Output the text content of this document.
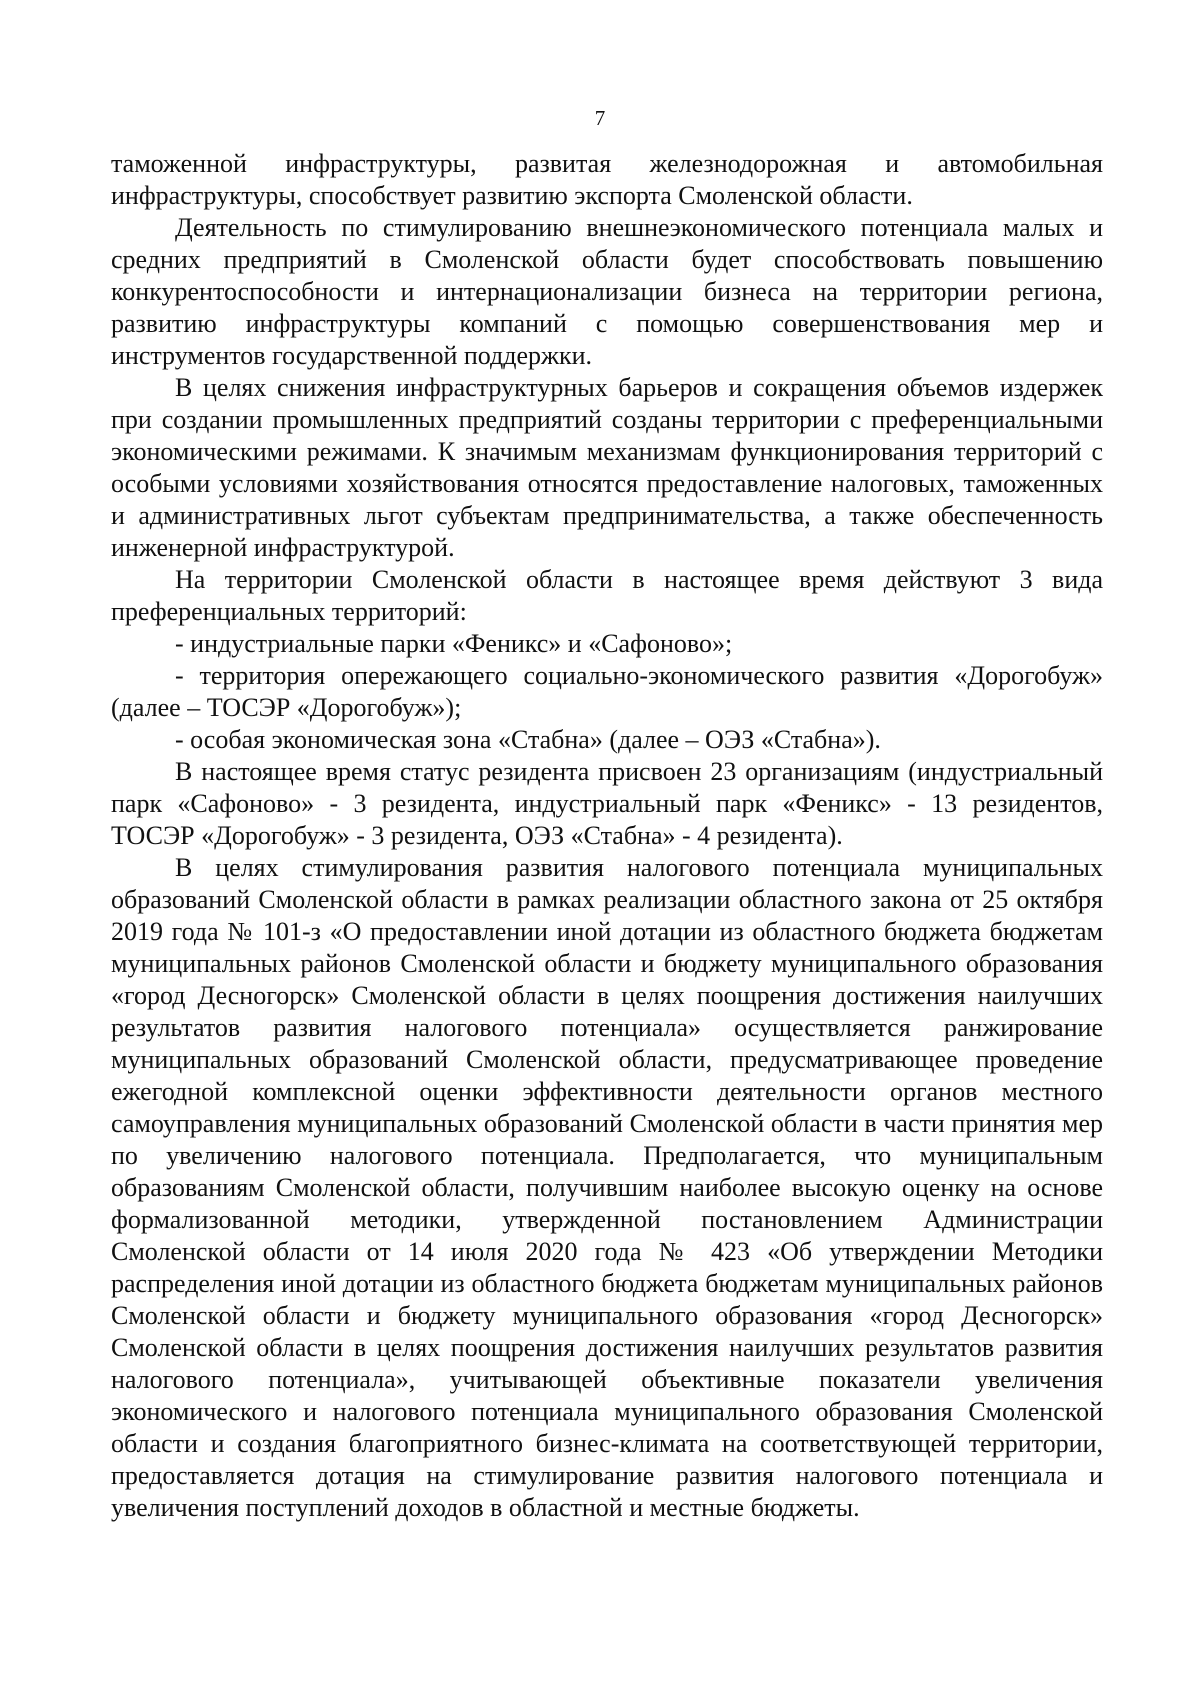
7

таможенной инфраструктуры, развитая железнодорожная и автомобильная инфраструктуры, способствует развитию экспорта Смоленской области.

Деятельность по стимулированию внешнеэкономического потенциала малых и средних предприятий в Смоленской области будет способствовать повышению конкурентоспособности и интернационализации бизнеса на территории региона, развитию инфраструктуры компаний с помощью совершенствования мер и инструментов государственной поддержки.

В целях снижения инфраструктурных барьеров и сокращения объемов издержек при создании промышленных предприятий созданы территории с преференциальными экономическими режимами. К значимым механизмам функционирования территорий с особыми условиями хозяйствования относятся предоставление налоговых, таможенных и административных льгот субъектам предпринимательства, а также обеспеченность инженерной инфраструктурой.

На территории Смоленской области в настоящее время действуют 3 вида преференциальных территорий:

- индустриальные парки «Феникс» и «Сафоново»;

- территория опережающего социально-экономического развития «Дорогобуж» (далее – ТОСЭР «Дорогобуж»);

- особая экономическая зона «Стабна» (далее – ОЭЗ «Стабна»).

В настоящее время статус резидента присвоен 23 организациям (индустриальный парк «Сафоново» - 3 резидента, индустриальный парк «Феникс» - 13 резидентов, ТОСЭР «Дорогобуж» - 3 резидента, ОЭЗ «Стабна» - 4 резидента).

В целях стимулирования развития налогового потенциала муниципальных образований Смоленской области в рамках реализации областного закона от 25 октября 2019 года № 101-з «О предоставлении иной дотации из областного бюджета бюджетам муниципальных районов Смоленской области и бюджету муниципального образования «город Десногорск» Смоленской области в целях поощрения достижения наилучших результатов развития налогового потенциала» осуществляется ранжирование муниципальных образований Смоленской области, предусматривающее проведение ежегодной комплексной оценки эффективности деятельности органов местного самоуправления муниципальных образований Смоленской области в части принятия мер по увеличению налогового потенциала. Предполагается, что муниципальным образованиям Смоленской области, получившим наиболее высокую оценку на основе формализованной методики, утвержденной постановлением Администрации Смоленской области от 14 июля 2020 года № 423 «Об утверждении Методики распределения иной дотации из областного бюджета бюджетам муниципальных районов Смоленской области и бюджету муниципального образования «город Десногорск» Смоленской области в целях поощрения достижения наилучших результатов развития налогового потенциала», учитывающей объективные показатели увеличения экономического и налогового потенциала муниципального образования Смоленской области и создания благоприятного бизнес-климата на соответствующей территории, предоставляется дотация на стимулирование развития налогового потенциала и увеличения поступлений доходов в областной и местные бюджеты.
